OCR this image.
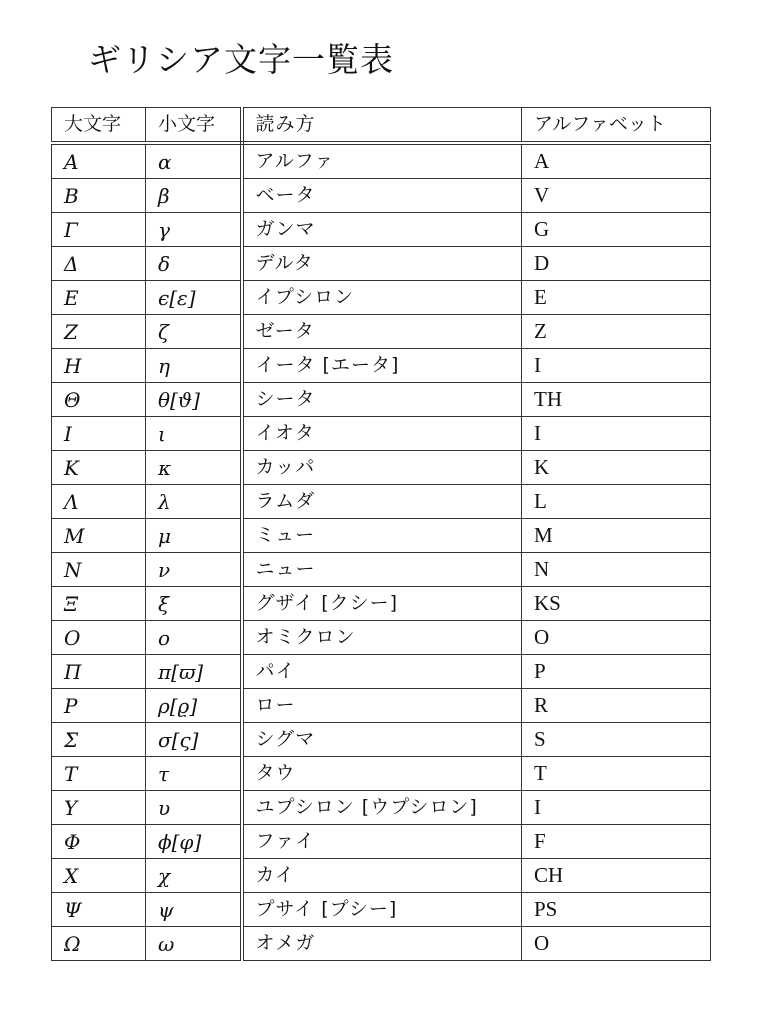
ギリシア文字一覧表
大文字	小文字	読み方	アルファベット
A	α	アルファ	A
B	β	ベータ	V
Γ	γ	ガンマ	G
Δ	δ	デルタ	D
E	ϵ[ε]	イプシロン	E
Z	ζ	ゼータ	Z
H	η	イータ [エータ]	I
Θ	θ[ϑ]	シータ	TH
I	ι	イオタ	I
K	κ	カッパ	K
Λ	λ	ラムダ	L
M	μ	ミュー	M
N	ν	ニュー	N
Ξ	ξ	グザイ [クシー]	KS
O	o	オミクロン	O
Π	π[ϖ]	パイ	P
P	ρ[ϱ]	ロー	R
Σ	σ[ς]	シグマ	S
T	τ	タウ	T
Υ	υ	ユプシロン [ウプシロン]	I
Φ	ϕ[φ]	ファイ	F
X	χ	カイ	CH
Ψ	ψ	プサイ [プシー]	PS
Ω	ω	オメガ	O
